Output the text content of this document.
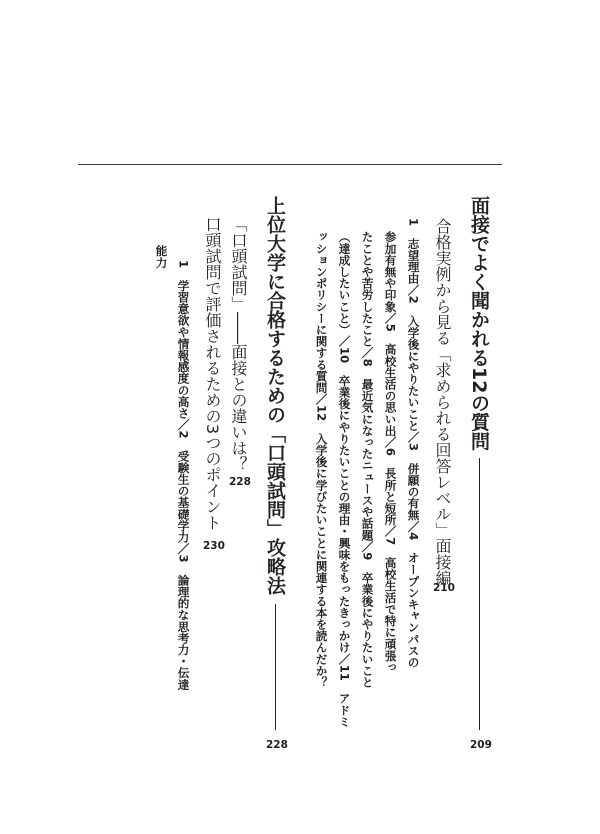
面接でよく聞かれる12の質問
209
合格実例から見る「求められる回答レベル」面接編
210
1　志望理由／2　入学後にやりたいこと／3　併願の有無／4　オープンキャンパスの
参加有無や印象／5　高校生活の思い出／6　長所と短所／7　高校生活で特に頑張っ
たことや苦労したこと／8　最近気になったニュースや話題／9　卒業後にやりたいこと
（達成したいこと）／10　卒業後にやりたいことの理由・興味をもったきっかけ／11　アドミ
ッションポリシーに関する質問／12　入学後に学びたいことに関連する本を読んだか？
上位大学に合格するための「口頭試問」攻略法
228
「口頭試問」――面接との違いは？
228
口頭試問で評価されるための3つのポイント
230
1　学習意欲や情報感度の高さ／2　受験生の基礎学力／3　論理的な思考力・伝達
能力
